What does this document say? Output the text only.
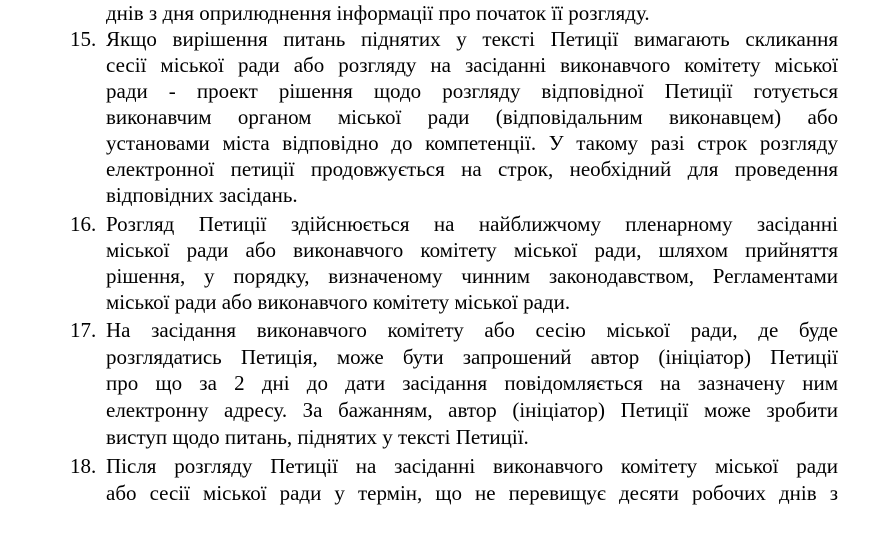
днів з дня оприлюднення інформації про початок її розгляду.
15. Якщо вирішення питань піднятих у тексті Петиції вимагають скликання
сесії міської ради або розгляду на засіданні виконавчого комітету міської
ради - проект рішення щодо розгляду відповідної Петиції готується
виконавчим органом міської ради (відповідальним виконавцем) або
установами міста відповідно до компетенції. У такому разі строк розгляду
електронної петиції продовжується на строк, необхідний для проведення
відповідних засідань.
16. Розгляд Петиції здійснюється на найближчому пленарному засіданні
міської ради або виконавчого комітету міської ради, шляхом прийняття
рішення, у порядку, визначеному чинним законодавством, Регламентами
міської ради або виконавчого комітету міської ради.
17. На засідання виконавчого комітету або сесію міської ради, де буде
розглядатись Петиція, може бути запрошений автор (ініціатор) Петиції
про що за 2 дні до дати засідання повідомляється на зазначену ним
електронну адресу. За бажанням, автор (ініціатор) Петиції може зробити
виступ щодо питань, піднятих у тексті Петиції.
18. Після розгляду Петиції на засіданні виконавчого комітету міської ради
або сесії міської ради у термін, що не перевищує десяти робочих днів з
